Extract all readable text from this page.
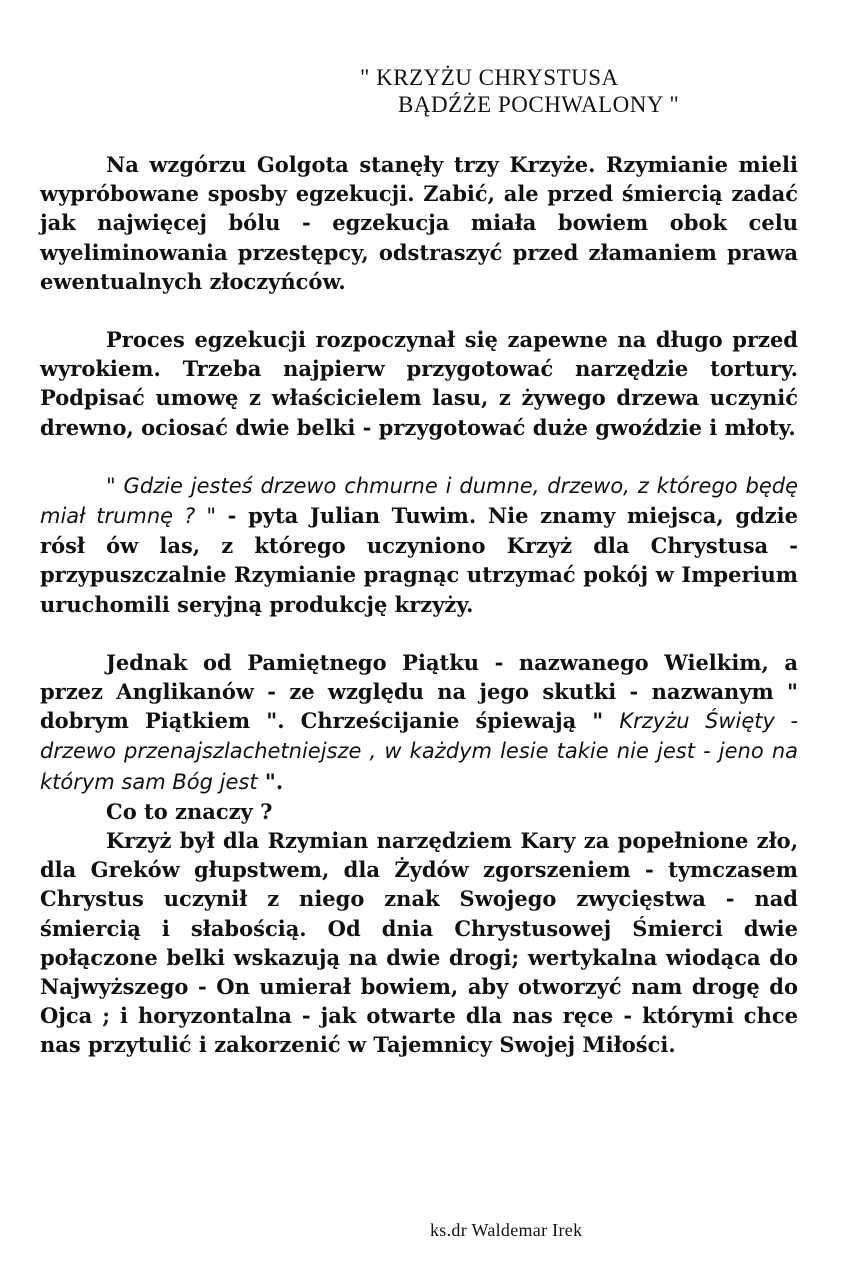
" KRZYŻU CHRYSTUSA
BĄDŹŻE POCHWALONY "

Na wzgórzu Golgota stanęły trzy Krzyże. Rzymianie mieli wypróbowane sposby egzekucji. Zabić, ale przed śmiercią zadać jak najwięcej bólu - egzekucja miała bowiem obok celu wyeliminowania przestępcy, odstraszyć przed złamaniem prawa ewentualnych złoczyńców.

Proces egzekucji rozpoczynał się zapewne na długo przed wyrokiem. Trzeba najpierw przygotować narzędzie tortury. Podpisać umowę z właścicielem lasu, z żywego drzewa uczynić drewno, ociosać dwie belki - przygotować duże gwoździe i młoty.

" Gdzie jesteś drzewo chmurne i dumne, drzewo, z którego będę miał trumnę ? " - pyta Julian Tuwim. Nie znamy miejsca, gdzie rósł ów las, z którego uczyniono Krzyż dla Chrystusa - przypuszczalnie Rzymianie pragnąc utrzymać pokój w Imperium uruchomili seryjną produkcję krzyży.

Jednak od Pamiętnego Piątku - nazwanego Wielkim, a przez Anglikanów - ze względu na jego skutki - nazwanym " dobrym Piątkiem ". Chrześcijanie śpiewają " Krzyżu Święty - drzewo przenajszlachetniejsze , w każdym lesie takie nie jest - jeno na którym sam Bóg jest ".

Co to znaczy ?

Krzyż był dla Rzymian narzędziem Kary za popełnione zło, dla Greków głupstwem, dla Żydów zgorszeniem - tymczasem Chrystus uczynił z niego znak Swojego zwycięstwa - nad śmiercią i słabością. Od dnia Chrystusowej Śmierci dwie połączone belki wskazują na dwie drogi; wertykalna wiodąca do Najwyższego - On umierał bowiem, aby otworzyć nam drogę do Ojca ; i horyzontalna - jak otwarte dla nas ręce - którymi chce nas przytulić i zakorzenić w Tajemnicy Swojej Miłości.

ks.dr Waldemar Irek
